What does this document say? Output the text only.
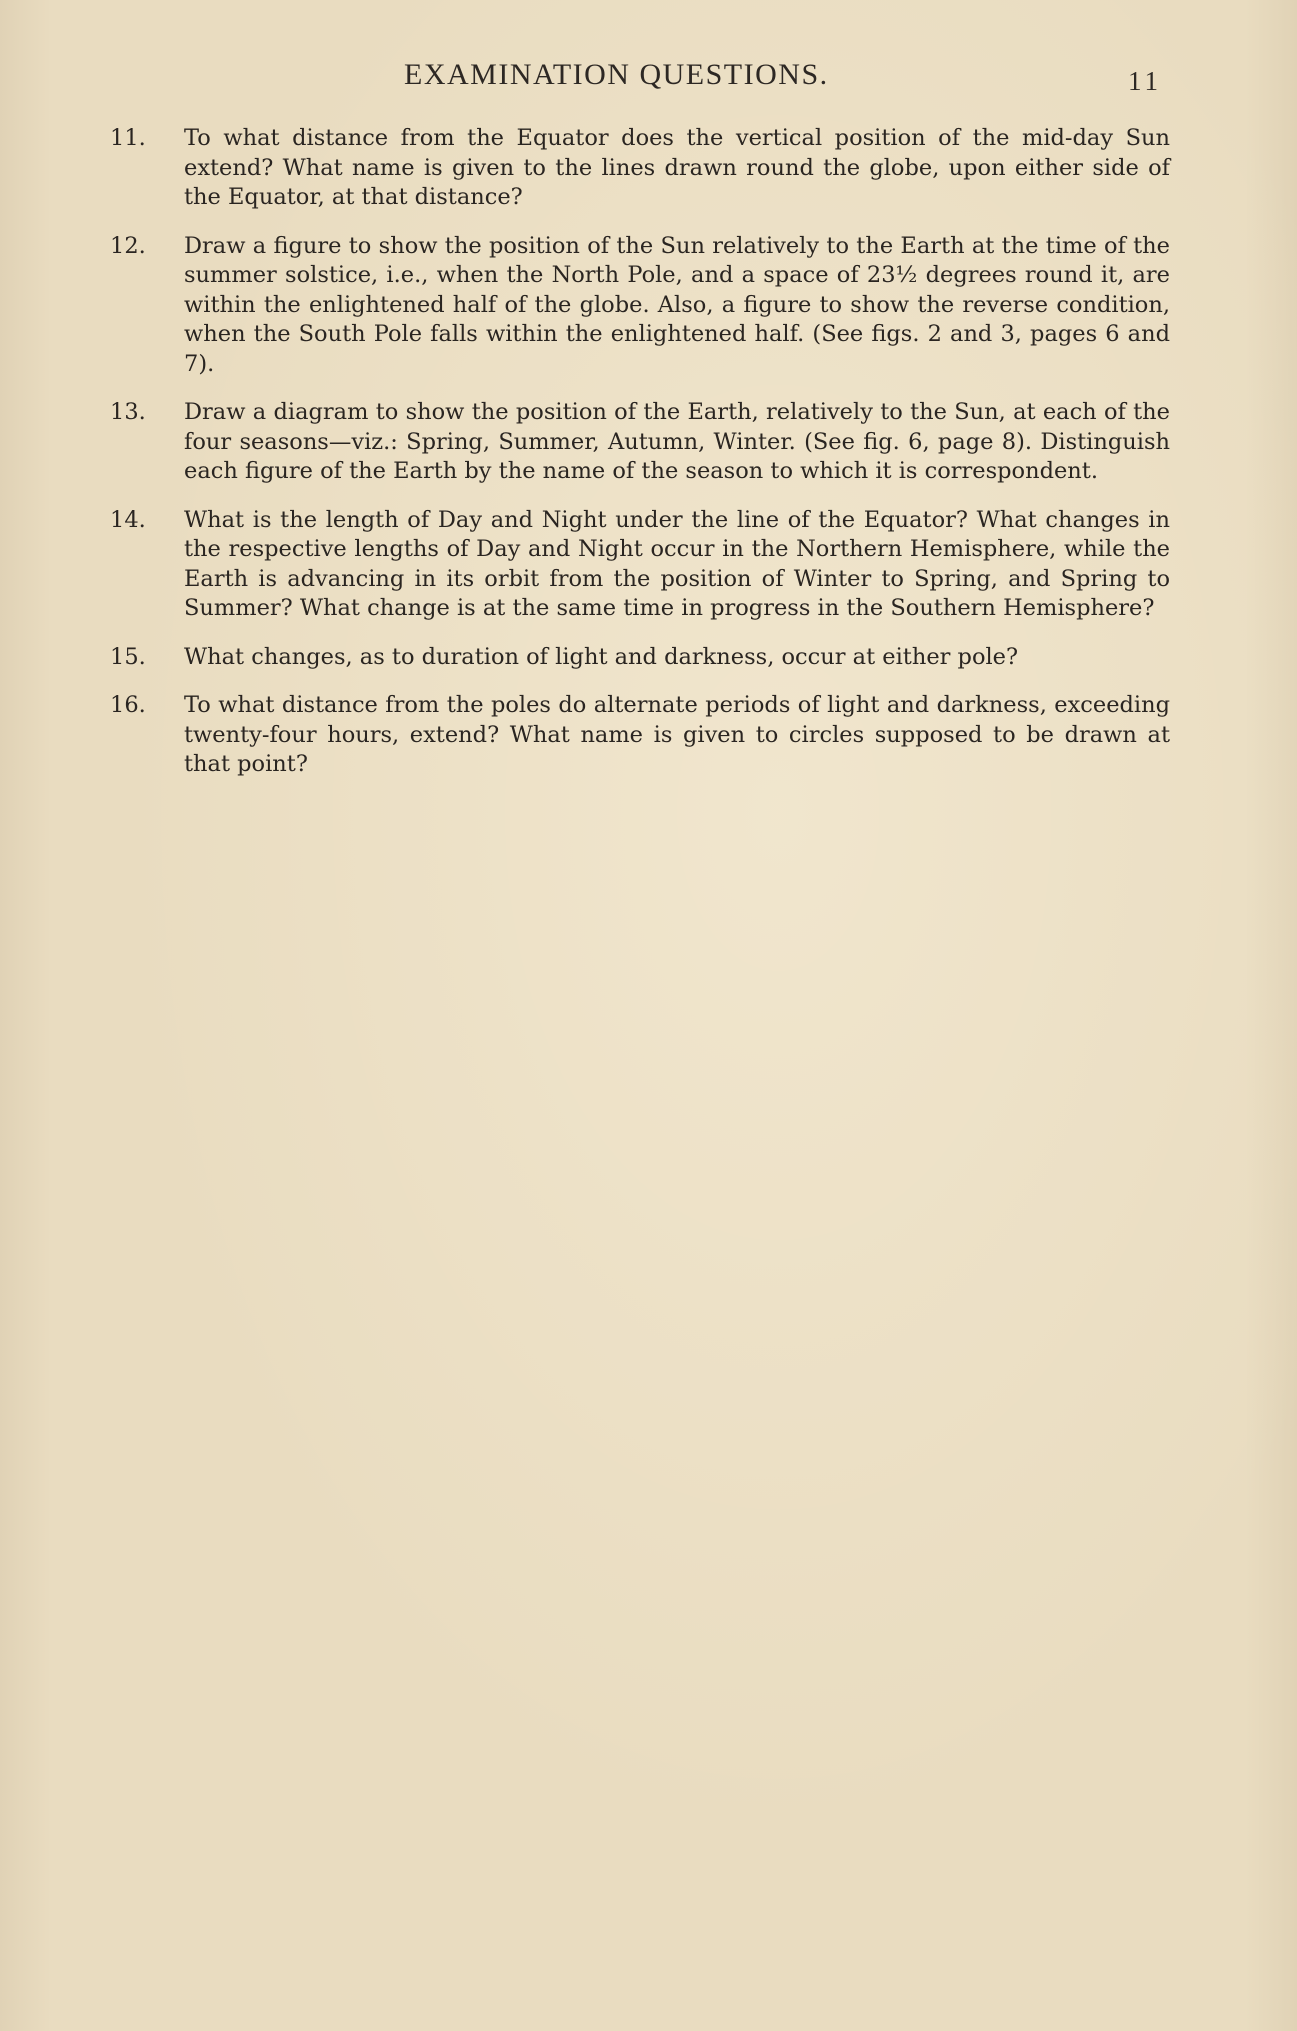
EXAMINATION QUESTIONS.	11
11.	To what distance from the Equator does the vertical position of the mid-day Sun extend? What name is given to the lines drawn round the globe, upon either side of the Equator, at that distance?
12.	Draw a figure to show the position of the Sun relatively to the Earth at the time of the summer solstice, i.e., when the North Pole, and a space of 23½ degrees round it, are within the enlightened half of the globe. Also, a figure to show the reverse condition, when the South Pole falls within the enlightened half. (See figs. 2 and 3, pages 6 and 7).
13.	Draw a diagram to show the position of the Earth, relatively to the Sun, at each of the four seasons—viz.: Spring, Summer, Autumn, Winter. (See fig. 6, page 8). Distinguish each figure of the Earth by the name of the season to which it is correspondent.
14.	What is the length of Day and Night under the line of the Equator? What changes in the respective lengths of Day and Night occur in the Northern Hemisphere, while the Earth is advancing in its orbit from the position of Winter to Spring, and Spring to Summer? What change is at the same time in progress in the Southern Hemisphere?
15.	What changes, as to duration of light and darkness, occur at either pole?
16.	To what distance from the poles do alternate periods of light and darkness, exceeding twenty-four hours, extend? What name is given to circles supposed to be drawn at that point?
